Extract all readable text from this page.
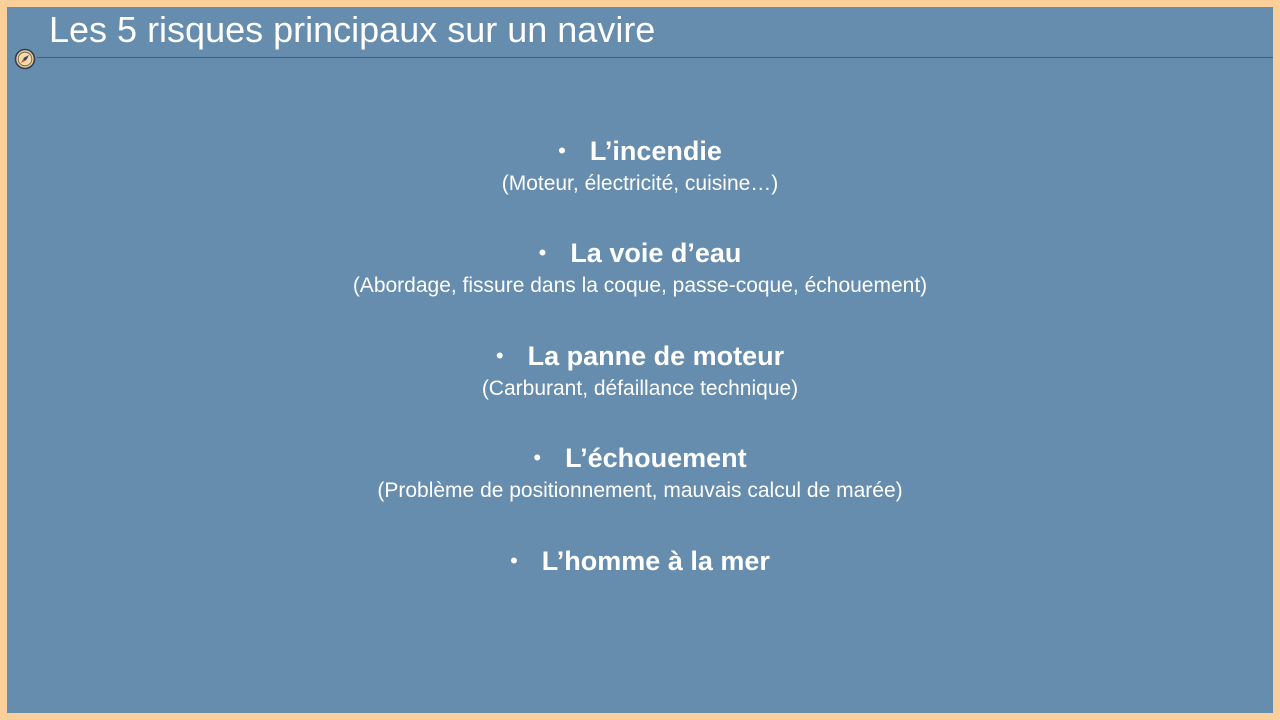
Les 5 risques principaux sur un navire
• L’incendie
(Moteur, électricité, cuisine…)
• La voie d’eau
(Abordage, fissure dans la coque, passe-coque, échouement)
• La panne de moteur
(Carburant, défaillance technique)
• L’échouement
(Problème de positionnement, mauvais calcul de marée)
• L’homme à la mer
